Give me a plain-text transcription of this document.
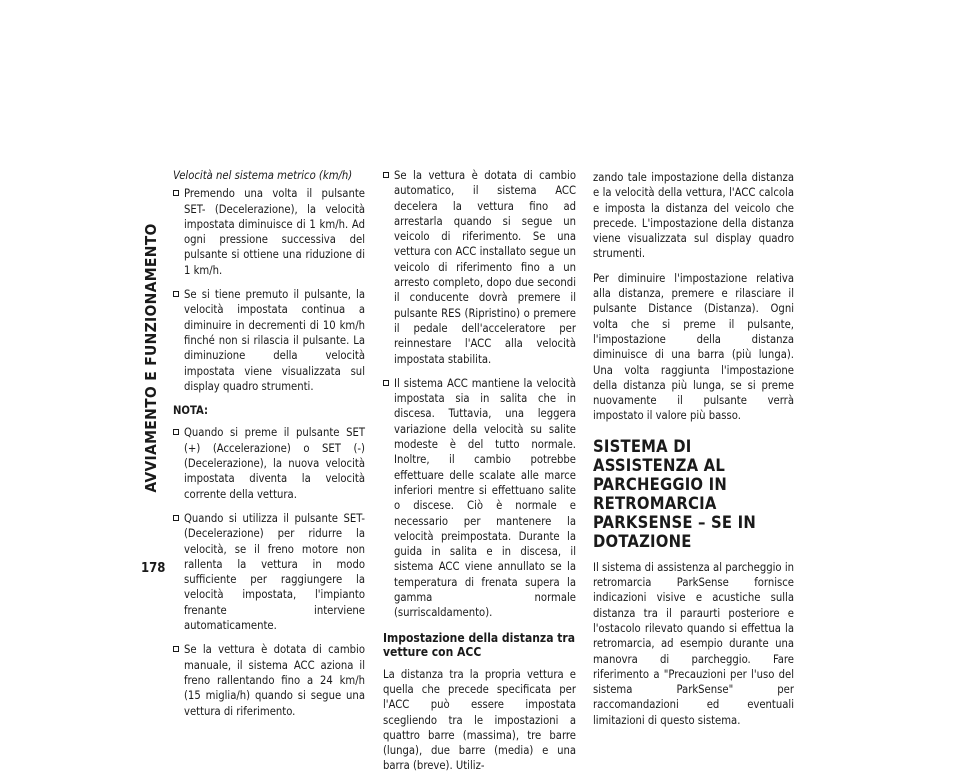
AVVIAMENTO E FUNZIONAMENTO
178

Velocità nel sistema metrico (km/h)

Premendo una volta il pulsante SET- (Decelerazione), la velocità impostata diminuisce di 1 km/h. Ad ogni pressione successiva del pulsante si ottiene una riduzione di 1 km/h.
Se si tiene premuto il pulsante, la velocità impostata continua a diminuire in decrementi di 10 km/h finché non si rilascia il pulsante. La diminuzione della velocità impostata viene visualizzata sul display quadro strumenti.

NOTA:

Quando si preme il pulsante SET (+) (Accelerazione) o SET (-) (Decelerazione), la nuova velocità impostata diventa la velocità corrente della vettura.
Quando si utilizza il pulsante SET- (Decelerazione) per ridurre la velocità, se il freno motore non rallenta la vettura in modo sufficiente per raggiungere la velocità impostata, l'impianto frenante interviene automaticamente.
Se la vettura è dotata di cambio manuale, il sistema ACC aziona il freno rallentando fino a 24 km/h (15 miglia/h) quando si segue una vettura di riferimento.
Se la vettura è dotata di cambio automatico, il sistema ACC decelera la vettura fino ad arrestarla quando si segue un veicolo di riferimento. Se una vettura con ACC installato segue un veicolo di riferimento fino a un arresto completo, dopo due secondi il conducente dovrà premere il pulsante RES (Ripristino) o premere il pedale dell'acceleratore per reinnestare l'ACC alla velocità impostata stabilita.
Il sistema ACC mantiene la velocità impostata sia in salita che in discesa. Tuttavia, una leggera variazione della velocità su salite modeste è del tutto normale. Inoltre, il cambio potrebbe effettuare delle scalate alle marce inferiori mentre si effettuano salite o discese. Ciò è normale e necessario per mantenere la velocità preimpostata. Durante la guida in salita e in discesa, il sistema ACC viene annullato se la temperatura di frenata supera la gamma normale (surriscaldamento).

Impostazione della distanza tra vetture con ACC

La distanza tra la propria vettura e quella che precede specificata per l'ACC può essere impostata scegliendo tra le impostazioni a quattro barre (massima), tre barre (lunga), due barre (media) e una barra (breve). Utiliz-

zando tale impostazione della distanza e la velocità della vettura, l'ACC calcola e imposta la distanza del veicolo che precede. L'impostazione della distanza viene visualizzata sul display quadro strumenti.

Per diminuire l'impostazione relativa alla distanza, premere e rilasciare il pulsante Distance (Distanza). Ogni volta che si preme il pulsante, l'impostazione della distanza diminuisce di una barra (più lunga). Una volta raggiunta l'impostazione della distanza più lunga, se si preme nuovamente il pulsante verrà impostato il valore più basso.

SISTEMA DI ASSISTENZA AL PARCHEGGIO IN RETROMARCIA PARKSENSE – SE IN DOTAZIONE

Il sistema di assistenza al parcheggio in retromarcia ParkSense fornisce indicazioni visive e acustiche sulla distanza tra il paraurti posteriore e l'ostacolo rilevato quando si effettua la retromarcia, ad esempio durante una manovra di parcheggio. Fare riferimento a "Precauzioni per l'uso del sistema ParkSense" per raccomandazioni ed eventuali limitazioni di questo sistema.
